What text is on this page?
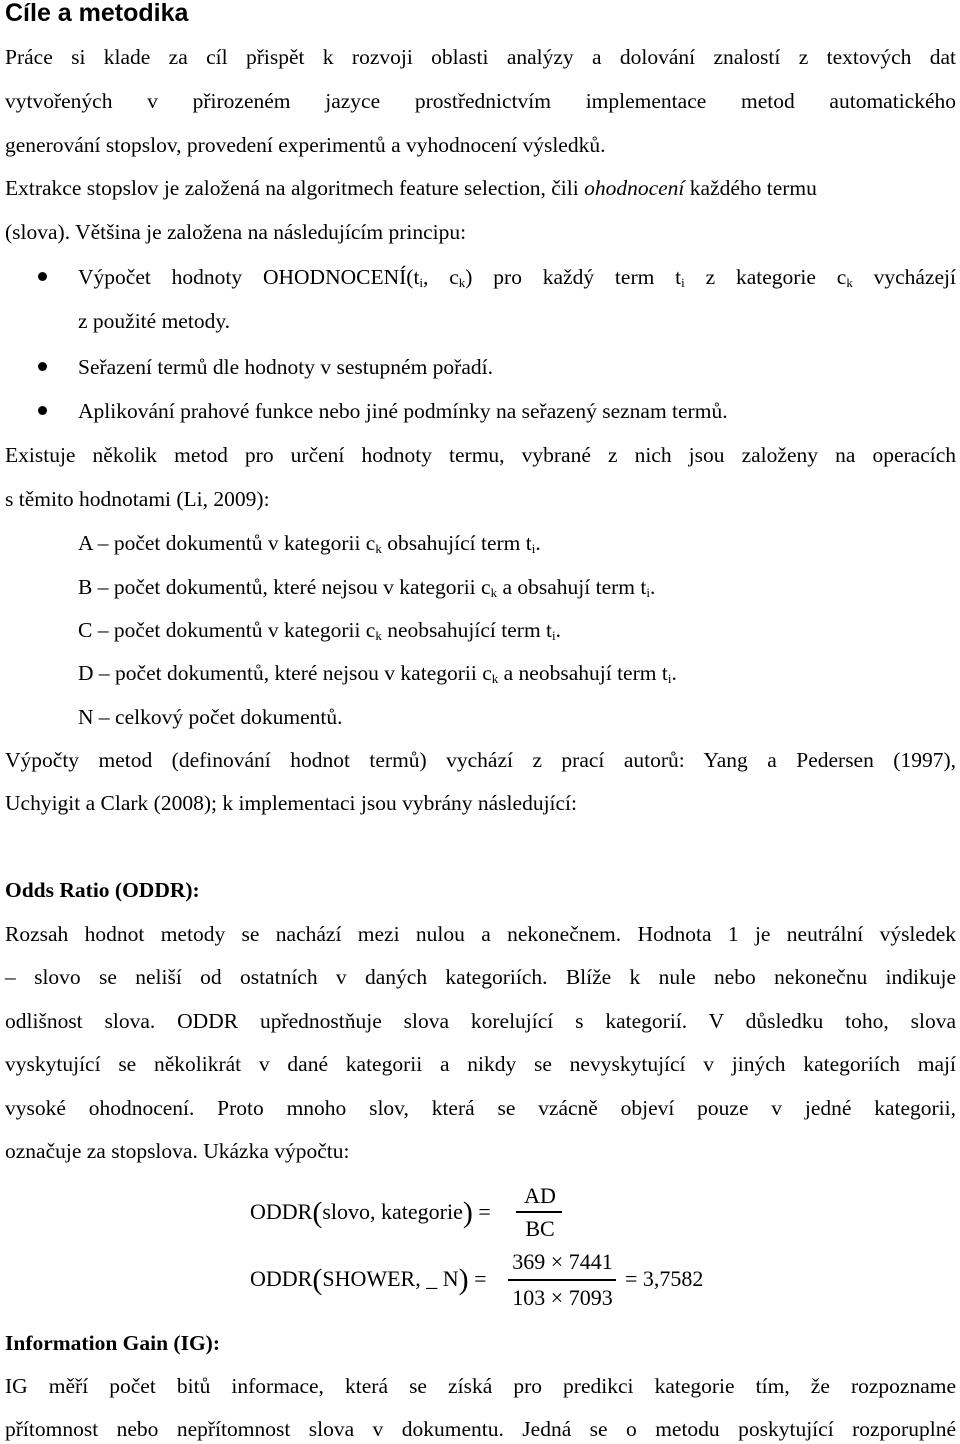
Cíle a metodika
Práce si klade za cíl přispět k rozvoji oblasti analýzy a dolování znalostí z textových dat
vytvořených v přirozeném jazyce prostřednictvím implementace metod automatického
generování stopslov, provedení experimentů a vyhodnocení výsledků.
Extrakce stopslov je založená na algoritmech feature selection, čili ohodnocení každého termu
(slova). Většina je založena na následujícím principu:
Výpočet hodnoty $OHODNOCENÍ(t_i$, $c_k$) pro každý term $t_i$ z kategorie $c_k$ vycházejí
z použité metody.
Seřazení termů dle hodnoty v sestupném pořadí.
Aplikování prahové funkce nebo jiné podmínky na seřazený seznam termů.
Existuje několik metod pro určení hodnoty termu, vybrané z nich jsou založeny na operacích
s těmito hodnotami (Li, 2009):
A – počet dokumentů v kategorii $c_k$ obsahující term $t_i$.
B – počet dokumentů, které nejsou v kategorii $c_k$ a obsahují term $t_i$.
C – počet dokumentů v kategorii $c_k$ neobsahující term $t_i$.
D – počet dokumentů, které nejsou v kategorii $c_k$ a neobsahují term $t_i$.
N – celkový počet dokumentů.
Výpočty metod (definování hodnot termů) vychází z prací autorů: Yang a Pedersen (1997),
Uchyigit a Clark (2008); k implementaci jsou vybrány následující:
Odds Ratio (ODDR):
Rozsah hodnot metody se nachází mezi nulou a nekonečnem. Hodnota 1 je neutrální výsledek
– slovo se neliší od ostatních v daných kategoriích. Blíže k nule nebo nekonečnu indikuje
odlišnost slova. ODDR upřednostňuje slova korelující s kategorií. V důsledku toho, slova
vyskytující se několikrát v dané kategorii a nikdy se nevyskytující v jiných kategoriích mají
vysoké ohodnocení. Proto mnoho slov, která se vzácně objeví pouze v jedné kategorii,
označuje za stopslova. Ukázka výpočtu:
ODDR(slovo, kategorie) =
AD
BC
ODDR(SHOWER, _ N) =
369 × 7441
103 × 7093
= 3,7582
Information Gain (IG):
IG měří počet bitů informace, která se získá pro predikci kategorie tím, že rozpozname
přítomnost nebo nepřítomnost slova v dokumentu. Jedná se o metodu poskytující rozporuplné
